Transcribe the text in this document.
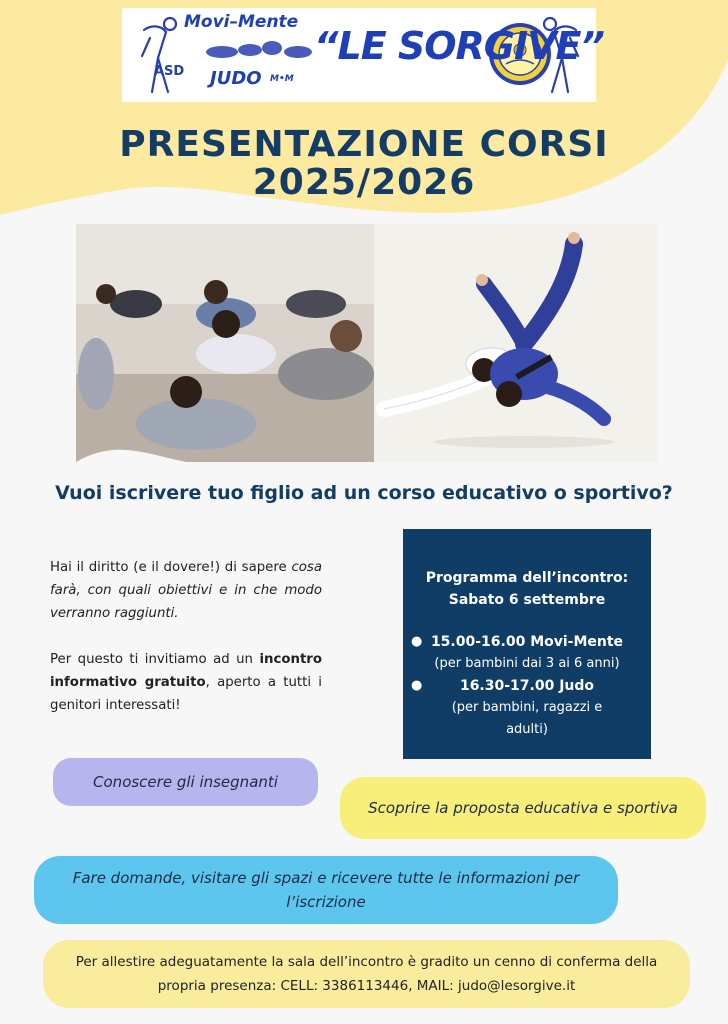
Movi–Mente
ASD JUDO M•M
“LE SORGIVE”
PRESENTAZIONE CORSI
2025/2026
Vuoi iscrivere tuo figlio ad un corso educativo o sportivo?

Hai il diritto (e il dovere!) di sapere cosa farà, con quali obiettivi e in che modo verranno raggiunti.

Per questo ti invitiamo ad un incontro informativo gratuito, aperto a tutti i genitori interessati!

Programma dell’incontro:
Sabato 6 settembre
● 15.00-16.00 Movi-Mente
(per bambini dai 3 ai 6 anni)
●	16.30-17.00 Judo
(per bambini, ragazzi e adulti)
Conoscere gli insegnanti
Scoprire la proposta educativa e sportiva
Fare domande, visitare gli spazi e ricevere tutte le informazioni per l’iscrizione
Per allestire adeguatamente la sala dell’incontro è gradito un cenno di conferma della propria presenza: CELL: 3386113446, MAIL: judo@lesorgive.it
